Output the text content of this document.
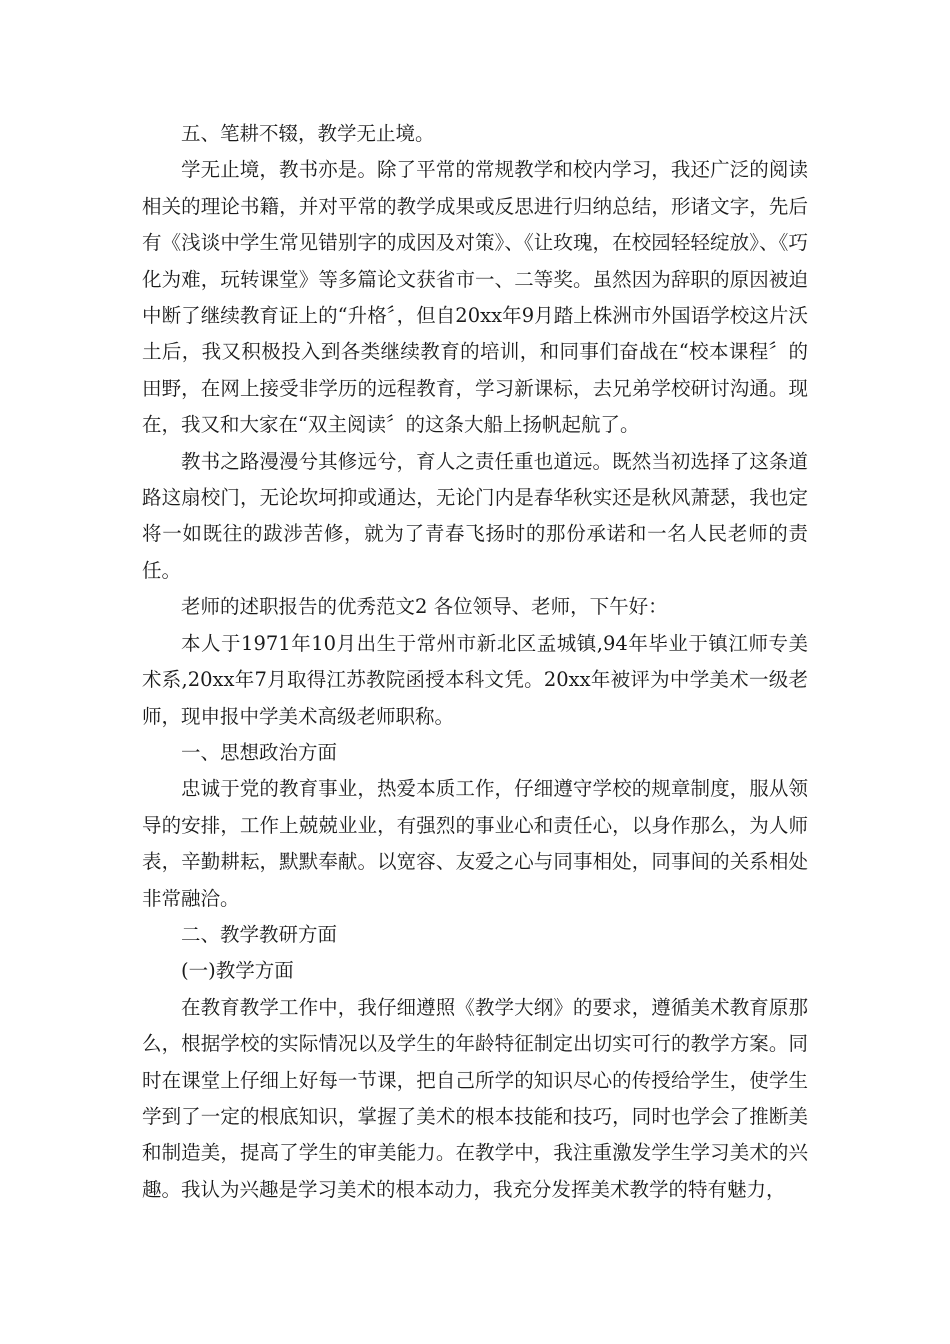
五、笔耕不辍，教学无止境。

学无止境，教书亦是。除了平常的常规教学和校内学习，我还广泛的阅读相关的理论书籍，并对平常的教学成果或反思进行归纳总结，形诸文字，先后有《浅谈中学生常见错别字的成因及对策》、《让玫瑰，在校园轻轻绽放》、《巧化为难，玩转课堂》等多篇论文获省市一、二等奖。虽然因为辞职的原因被迫中断了继续教育证上的“升格〞，但自20xx年9月踏上株洲市外国语学校这片沃土后，我又积极投入到各类继续教育的培训，和同事们奋战在“校本课程〞的田野，在网上接受非学历的远程教育，学习新课标，去兄弟学校研讨沟通。现在，我又和大家在“双主阅读〞的这条大船上扬帆起航了。

教书之路漫漫兮其修远兮，育人之责任重也道远。既然当初选择了这条道路这扇校门，无论坎坷抑或通达，无论门内是春华秋实还是秋风萧瑟，我也定将一如既往的跋涉苦修，就为了青春飞扬时的那份承诺和一名人民老师的责任。

老师的述职报告的优秀范文2 各位领导、老师，下午好：

本人于1971年10月出生于常州市新北区孟城镇,94年毕业于镇江师专美术系,20xx年7月取得江苏教院函授本科文凭。20xx年被评为中学美术一级老师，现申报中学美术高级老师职称。

一、思想政治方面

忠诚于党的教育事业，热爱本质工作，仔细遵守学校的规章制度，服从领导的安排，工作上兢兢业业，有强烈的事业心和责任心，以身作那么，为人师表，辛勤耕耘，默默奉献。以宽容、友爱之心与同事相处，同事间的关系相处非常融洽。

二、教学教研方面

(一)教学方面

在教育教学工作中，我仔细遵照《教学大纲》的要求，遵循美术教育原那么，根据学校的实际情况以及学生的年龄特征制定出切实可行的教学方案。同时在课堂上仔细上好每一节课，把自己所学的知识尽心的传授给学生，使学生学到了一定的根底知识，掌握了美术的根本技能和技巧，同时也学会了推断美和制造美，提高了学生的审美能力。在教学中，我注重激发学生学习美术的兴趣。我认为兴趣是学习美术的根本动力，我充分发挥美术教学的特有魅力，
